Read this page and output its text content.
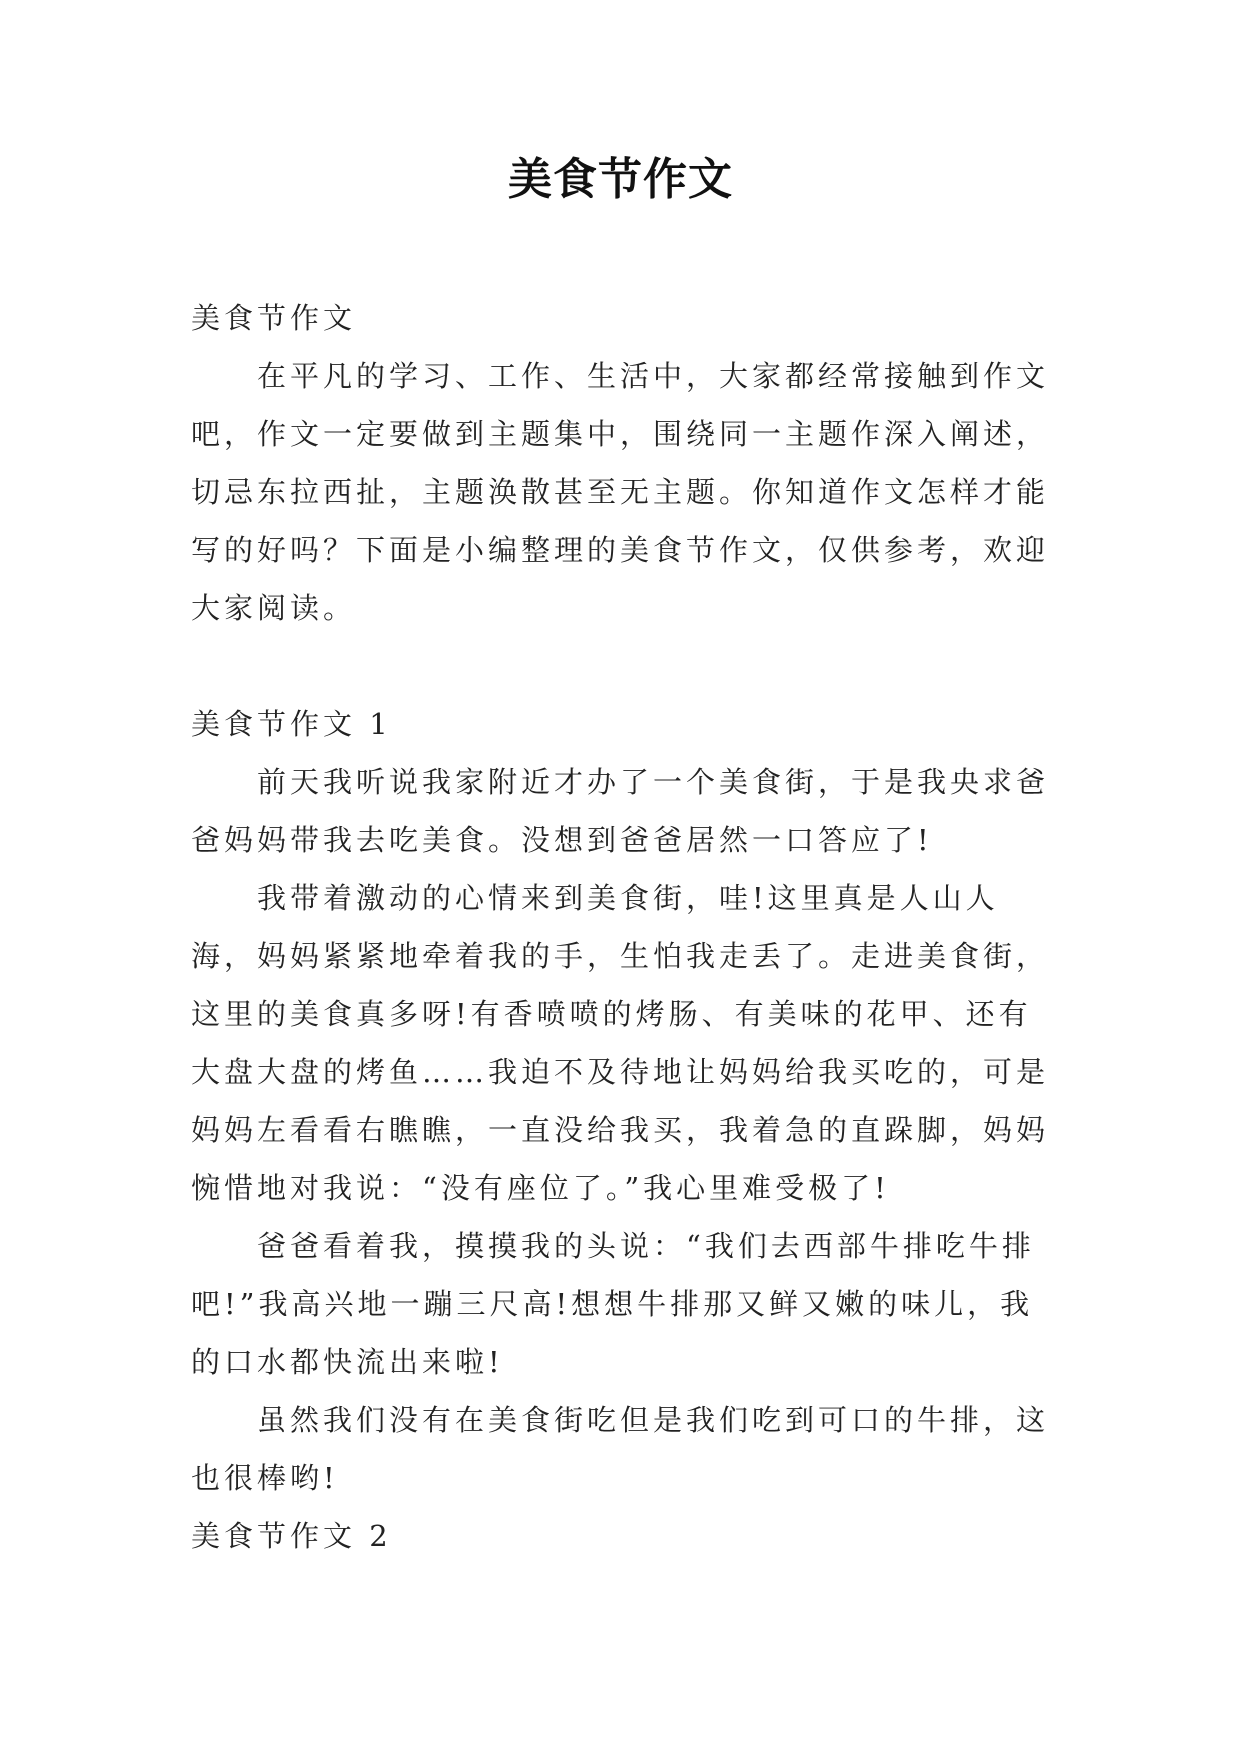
美食节作文

美食节作文

在平凡的学习、工作、生活中，大家都经常接触到作文吧，作文一定要做到主题集中，围绕同一主题作深入阐述，切忌东拉西扯，主题涣散甚至无主题。你知道作文怎样才能写的好吗？下面是小编整理的美食节作文，仅供参考，欢迎大家阅读。

美食节作文 1

前天我听说我家附近才办了一个美食街，于是我央求爸爸妈妈带我去吃美食。没想到爸爸居然一口答应了!

我带着激动的心情来到美食街，哇!这里真是人山人海，妈妈紧紧地牵着我的手，生怕我走丢了。走进美食街，这里的美食真多呀!有香喷喷的烤肠、有美味的花甲、还有大盘大盘的烤鱼……我迫不及待地让妈妈给我买吃的，可是妈妈左看看右瞧瞧，一直没给我买，我着急的直跺脚，妈妈惋惜地对我说：“没有座位了。”我心里难受极了!

爸爸看着我，摸摸我的头说：“我们去西部牛排吃牛排吧!”我高兴地一蹦三尺高!想想牛排那又鲜又嫩的味儿，我的口水都快流出来啦!

虽然我们没有在美食街吃但是我们吃到可口的牛排，这也很棒哟!

美食节作文 2
